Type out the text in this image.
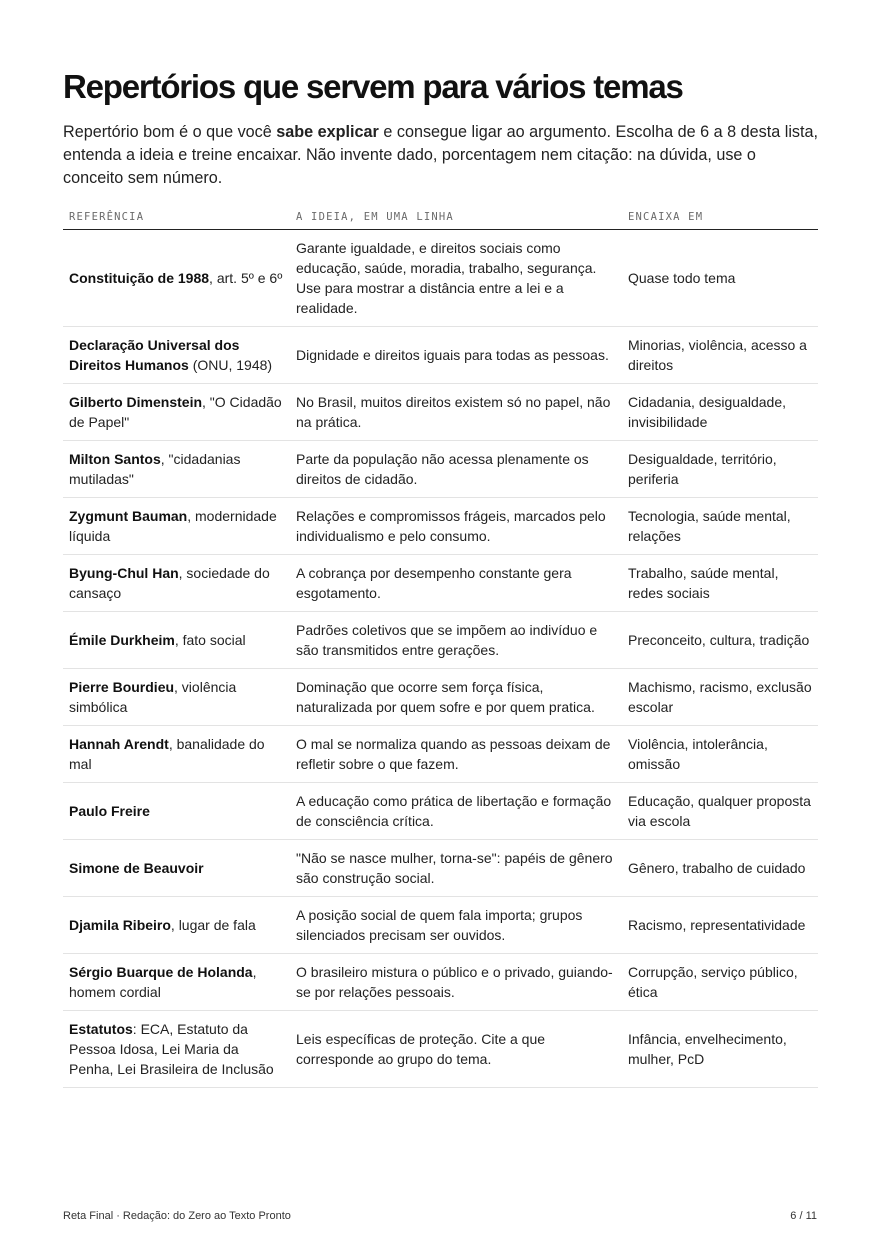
Repertórios que servem para vários temas

Repertório bom é o que você sabe explicar e consegue ligar ao argumento. Escolha de 6 a 8 desta lista, entenda a ideia e treine encaixar. Não invente dado, porcentagem nem citação: na dúvida, use o conceito sem número.

REFERÊNCIA	A IDEIA, EM UMA LINHA	ENCAIXA EM
Constituição de 1988, art. 5º e 6º	Garante igualdade, e direitos sociais como educação, saúde, moradia, trabalho, segurança. Use para mostrar a distância entre a lei e a realidade.	Quase todo tema
Declaração Universal dos Direitos Humanos (ONU, 1948)	Dignidade e direitos iguais para todas as pessoas.	Minorias, violência, acesso a direitos
Gilberto Dimenstein, "O Cidadão de Papel"	No Brasil, muitos direitos existem só no papel, não na prática.	Cidadania, desigualdade, invisibilidade
Milton Santos, "cidadanias mutiladas"	Parte da população não acessa plenamente os direitos de cidadão.	Desigualdade, território, periferia
Zygmunt Bauman, modernidade líquida	Relações e compromissos frágeis, marcados pelo individualismo e pelo consumo.	Tecnologia, saúde mental, relações
Byung-Chul Han, sociedade do cansaço	A cobrança por desempenho constante gera esgotamento.	Trabalho, saúde mental, redes sociais
Émile Durkheim, fato social	Padrões coletivos que se impõem ao indivíduo e são transmitidos entre gerações.	Preconceito, cultura, tradição
Pierre Bourdieu, violência simbólica	Dominação que ocorre sem força física, naturalizada por quem sofre e por quem pratica.	Machismo, racismo, exclusão escolar
Hannah Arendt, banalidade do mal	O mal se normaliza quando as pessoas deixam de refletir sobre o que fazem.	Violência, intolerância, omissão
Paulo Freire	A educação como prática de libertação e formação de consciência crítica.	Educação, qualquer proposta via escola
Simone de Beauvoir	"Não se nasce mulher, torna-se": papéis de gênero são construção social.	Gênero, trabalho de cuidado
Djamila Ribeiro, lugar de fala	A posição social de quem fala importa; grupos silenciados precisam ser ouvidos.	Racismo, representatividade
Sérgio Buarque de Holanda, homem cordial	O brasileiro mistura o público e o privado, guiando-se por relações pessoais.	Corrupção, serviço público, ética
Estatutos: ECA, Estatuto da Pessoa Idosa, Lei Maria da Penha, Lei Brasileira de Inclusão	Leis específicas de proteção. Cite a que corresponde ao grupo do tema.	Infância, envelhecimento, mulher, PcD
Reta Final · Redação: do Zero ao Texto Pronto	6 / 11
